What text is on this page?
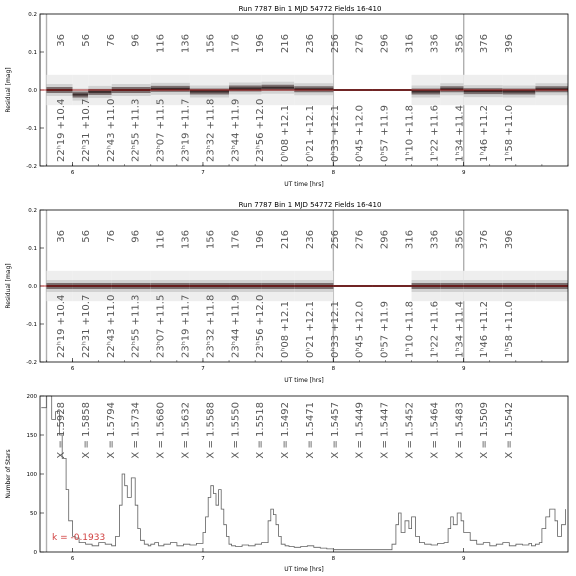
Run 7787 Bin 1 MJD 54772 Fields 16-410
0.2
0.1
0.0
-0.1
-0.2
6	7	8	9
36
22ʰ19 +10.4
56
22ʰ31 +10.7
76
22ʰ43 +11.0
96
22ʰ55 +11.3
116
23ʰ07 +11.5
136
23ʰ19 +11.7
156
23ʰ32 +11.8
176
23ʰ44 +11.9
196
23ʰ56 +12.0
216
0ʰ08 +12.1
236
0ʰ21 +12.1
256
0ʰ33 +12.1
276
0ʰ45 +12.0
296
0ʰ57 +11.9
316
1ʰ10 +11.8
336
1ʰ22 +11.6
356
1ʰ34 +11.4
376
1ʰ46 +11.2
396
1ʰ58 +11.0
Residual [mag]
UT time [hrs]
Run 7787 Bin 1 MJD 54772 Fields 16-410
0.2
0.1
0.0
-0.1
-0.2
6	7	8	9
36
22ʰ19 +10.4
56
22ʰ31 +10.7
76
22ʰ43 +11.0
96
22ʰ55 +11.3
116
23ʰ07 +11.5
136
23ʰ19 +11.7
156
23ʰ32 +11.8
176
23ʰ44 +11.9
196
23ʰ56 +12.0
216
0ʰ08 +12.1
236
0ʰ21 +12.1
256
0ʰ33 +12.1
276
0ʰ45 +12.0
296
0ʰ57 +11.9
316
1ʰ10 +11.8
336
1ʰ22 +11.6
356
1ʰ34 +11.4
376
1ʰ46 +11.2
396
1ʰ58 +11.0
Residual [mag]
UT time [hrs]
200
150
100
50
0
6	7	8	9
X = 1.5928 X = 1.5858 X = 1.5794 X = 1.5734 X = 1.5680 X = 1.5632 X = 1.5588 X = 1.5550 X = 1.5518 X = 1.5492 X = 1.5471 X = 1.5457 X = 1.5449 X = 1.5447 X = 1.5452 X = 1.5464 X = 1.5483 X = 1.5509 X = 1.5542
k = -0.1933
Number of Stars
UT time [hrs]
